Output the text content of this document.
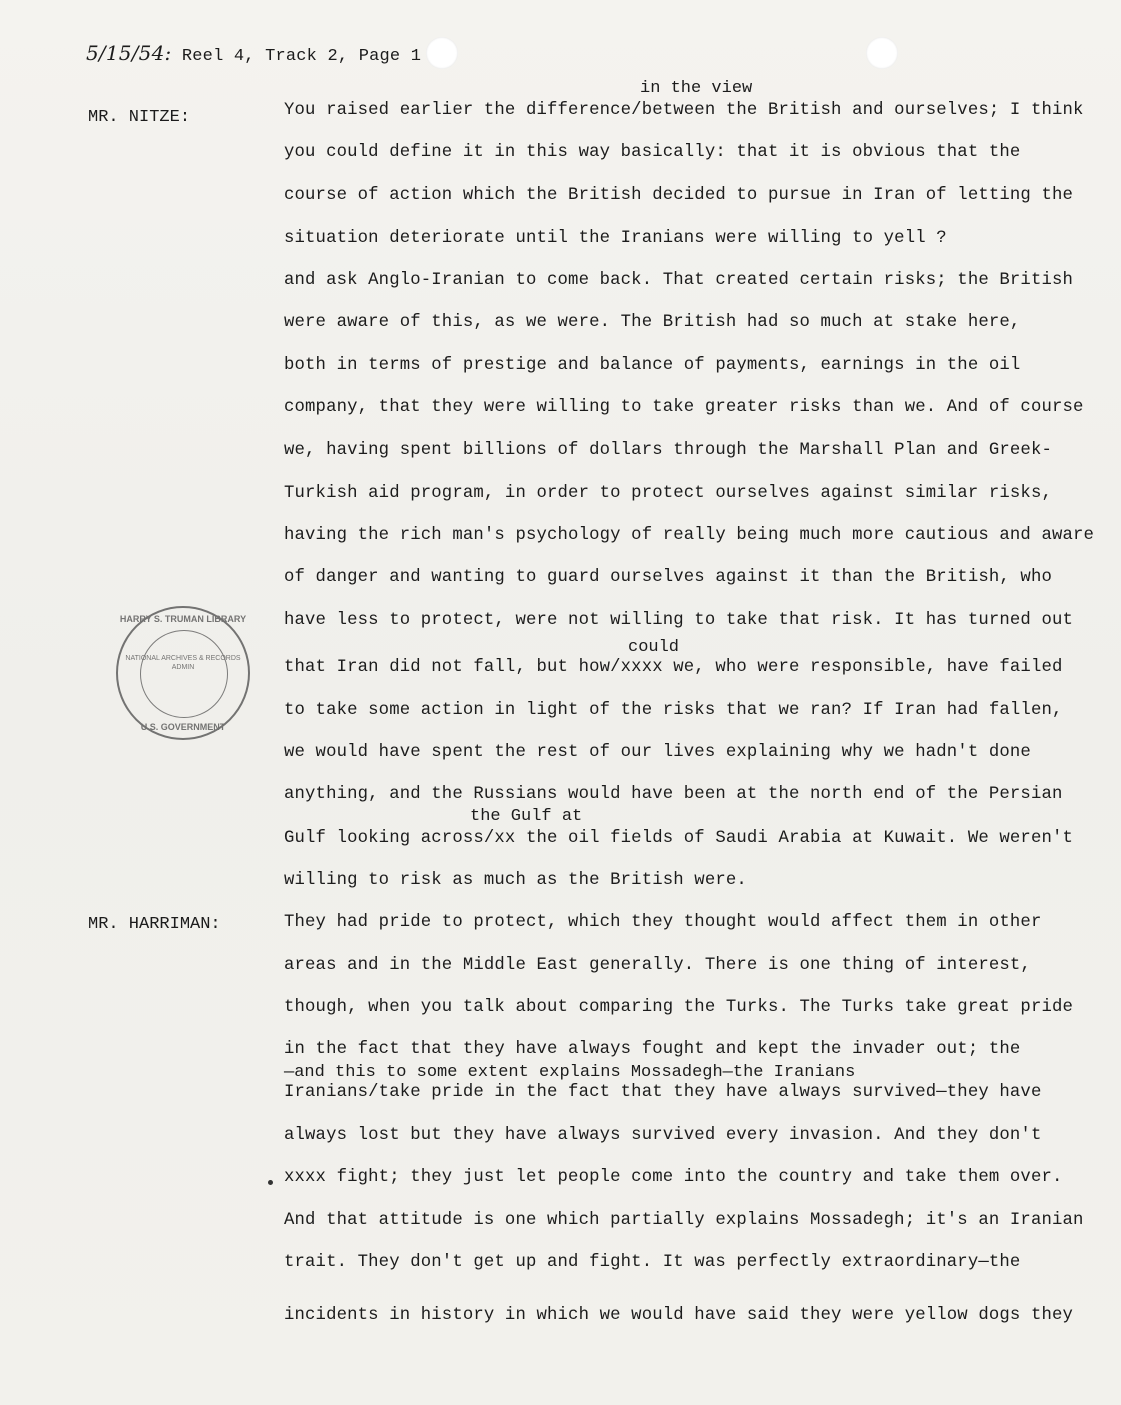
5/15/54: Reel 4, Track 2, Page 1
in the view
could
the Gulf at
—and this to some extent explains Mossadegh—the Iranians
MR. NITZE:
MR. HARRIMAN:
You raised earlier the difference/between the British and ourselves; I think
you could define it in this way basically: that it is obvious that the
course of action which the British decided to pursue in Iran of letting the
situation deteriorate until the Iranians were willing to yell ?
and ask Anglo-Iranian to come back. That created certain risks; the British
were aware of this, as we were. The British had so much at stake here,
both in terms of prestige and balance of payments, earnings in the oil
company, that they were willing to take greater risks than we. And of course
we, having spent billions of dollars through the Marshall Plan and Greek-
Turkish aid program, in order to protect ourselves against similar risks,
having the rich man's psychology of really being much more cautious and aware
of danger and wanting to guard ourselves against it than the British, who
have less to protect, were not willing to take that risk. It has turned out
that Iran did not fall, but how/xxxx we, who were responsible, have failed
to take some action in light of the risks that we ran? If Iran had fallen,
we would have spent the rest of our lives explaining why we hadn't done
anything, and the Russians would have been at the north end of the Persian
Gulf looking across/xx the oil fields of Saudi Arabia at Kuwait. We weren't
willing to risk as much as the British were.
They had pride to protect, which they thought would affect them in other
areas and in the Middle East generally. There is one thing of interest,
though, when you talk about comparing the Turks. The Turks take great pride
in the fact that they have always fought and kept the invader out; the
Iranians/take pride in the fact that they have always survived—they have
always lost but they have always survived every invasion. And they don't
xxxx fight; they just let people come into the country and take them over.
And that attitude is one which partially explains Mossadegh; it's an Iranian
trait. They don't get up and fight. It was perfectly extraordinary—the
incidents in history in which we would have said they were yellow dogs they
HARRY S. TRUMAN LIBRARY
NATIONAL ARCHIVES & RECORDS ADMIN
U.S. GOVERNMENT
